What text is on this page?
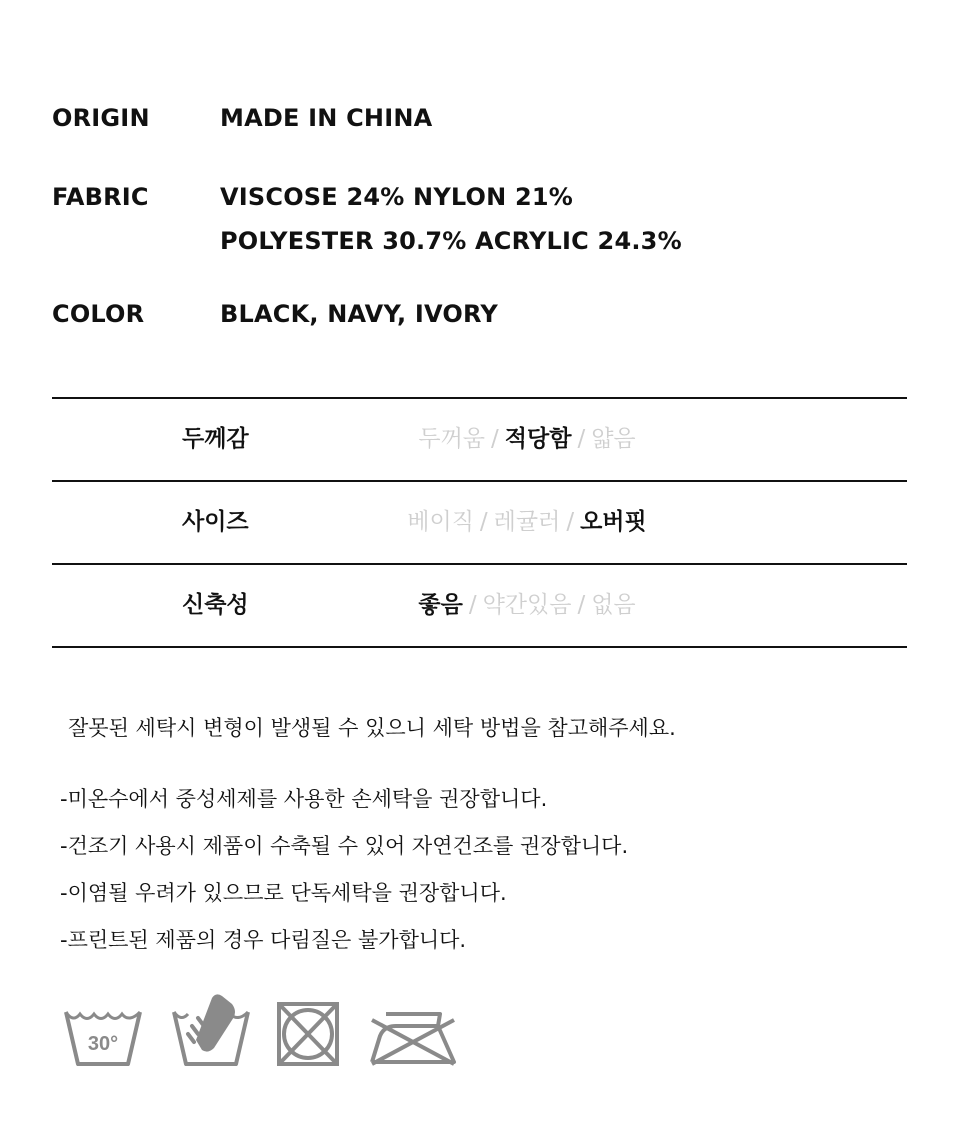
ORIGIN	MADE IN CHINA
FABRIC	VISCOSE 24% NYLON 21%
POLYESTER 30.7% ACRYLIC 24.3%
COLOR	BLACK, NAVY, IVORY
두께감	두꺼움 / 적당함 / 얇음
사이즈	베이직 / 레귤러 / 오버핏
신축성	좋음 / 약간있음 / 없음
잘못된 세탁시 변형이 발생될 수 있으니 세탁 방법을 참고해주세요.
-미온수에서 중성세제를 사용한 손세탁을 권장합니다.
-건조기 사용시 제품이 수축될 수 있어 자연건조를 권장합니다.
-이염될 우려가 있으므로 단독세탁을 권장합니다.
-프린트된 제품의 경우 다림질은 불가합니다.
30°
